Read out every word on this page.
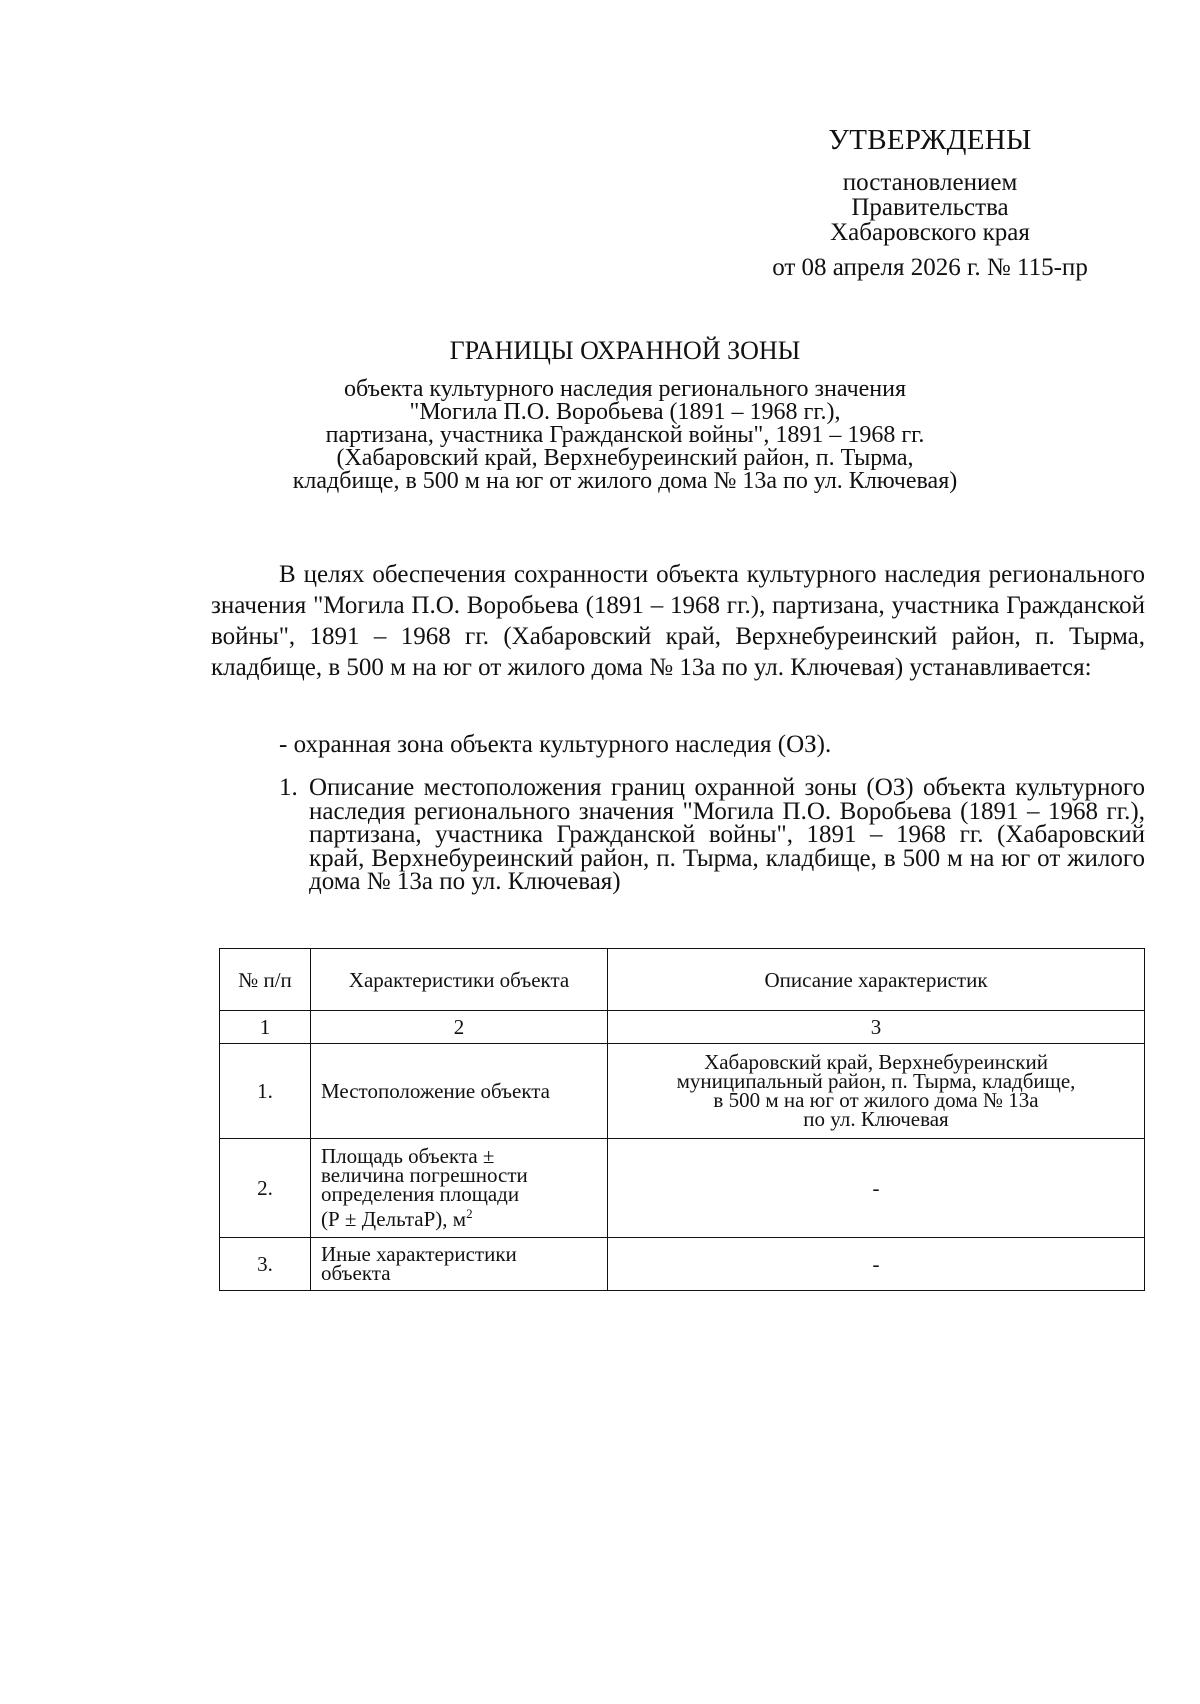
УТВЕРЖДЕНЫ
постановлением
Правительства
Хабаровского края
от 08 апреля 2026 г. № 115-пр
ГРАНИЦЫ ОХРАННОЙ ЗОНЫ
объекта культурного наследия регионального значения
"Могила П.О. Воробьева (1891 – 1968 гг.),
партизана, участника Гражданской войны", 1891 – 1968 гг.
(Хабаровский край, Верхнебуреинский район, п. Тырма,
кладбище, в 500 м на юг от жилого дома № 13а по ул. Ключевая)

В целях обеспечения сохранности объекта культурного наследия регионального значения "Могила П.О. Воробьева (1891 – 1968 гг.), партизана, участника Гражданской войны", 1891 – 1968 гг. (Хабаровский край, Верхнебуреинский район, п. Тырма, кладбище, в 500 м на юг от жилого дома № 13а по ул. Ключевая) устанавливается:

- охранная зона объекта культурного наследия (ОЗ).
1. Описание местоположения границ охранной зоны (ОЗ) объекта культурного наследия регионального значения "Могила П.О. Воробьева (1891 – 1968 гг.), партизана, участника Гражданской войны", 1891 – 1968 гг. (Хабаровский край, Верхнебуреинский район, п. Тырма, кладбище, в 500 м на юг от жилого дома № 13а по ул. Ключевая)
№ п/п	Характеристики объекта	Описание характеристик
1	2	3
1.	Местоположение объекта	Хабаровский край, Верхнебуреинский
муниципальный район, п. Тырма, кладбище,
в 500 м на юг от жилого дома № 13а
по ул. Ключевая

2.	Площадь объекта ±
величина погрешности
определения площади
(Р ± ДельтаР), $м^2$	-
3.	Иные характеристики
объекта	-
